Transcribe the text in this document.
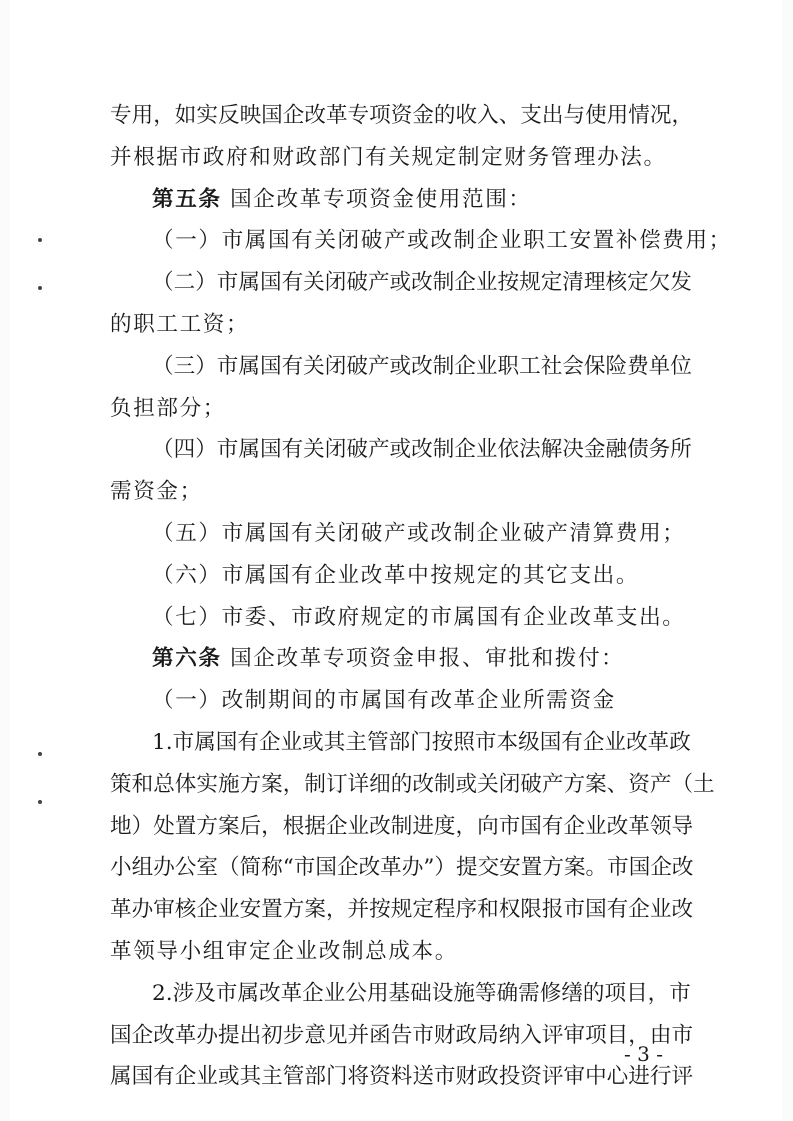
专用，如实反映国企改革专项资金的收入、支出与使用情况，
并根据市政府和财政部门有关规定制定财务管理办法。
第五条 国企改革专项资金使用范围：
（一）市属国有关闭破产或改制企业职工安置补偿费用；
（二）市属国有关闭破产或改制企业按规定清理核定欠发
的职工工资；
（三）市属国有关闭破产或改制企业职工社会保险费单位
负担部分；
（四）市属国有关闭破产或改制企业依法解决金融债务所
需资金；
（五）市属国有关闭破产或改制企业破产清算费用；
（六）市属国有企业改革中按规定的其它支出。
（七）市委、市政府规定的市属国有企业改革支出。
第六条 国企改革专项资金申报、审批和拨付：
（一）改制期间的市属国有改革企业所需资金
1.市属国有企业或其主管部门按照市本级国有企业改革政
策和总体实施方案，制订详细的改制或关闭破产方案、资产（土
地）处置方案后，根据企业改制进度，向市国有企业改革领导
小组办公室（简称“市国企改革办”）提交安置方案。市国企改
革办审核企业安置方案，并按规定程序和权限报市国有企业改
革领导小组审定企业改制总成本。
2.涉及市属改革企业公用基础设施等确需修缮的项目，市
国企改革办提出初步意见并函告市财政局纳入评审项目，由市
属国有企业或其主管部门将资料送市财政投资评审中心进行评
- 3 -
